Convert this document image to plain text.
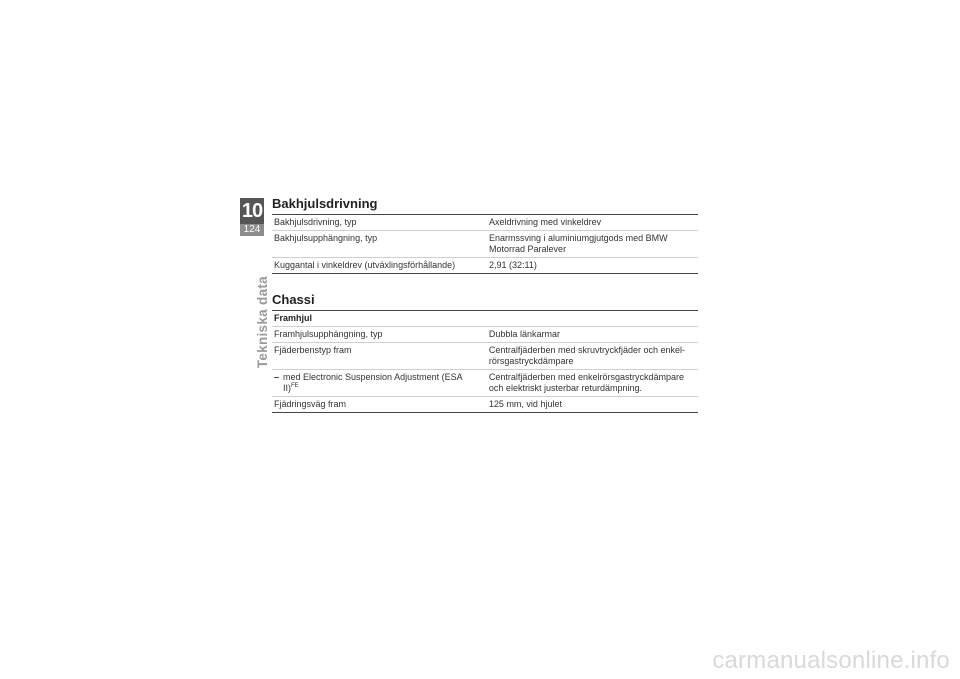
10
124
Tekniska data
Bakhjulsdrivning
Bakhjulsdrivning, typ	Axeldrivning med vinkeldrev
Bakhjulsupphängning, typ	Enarmssving i aluminiumgjutgods med BMW
Motorrad Paralever
Kuggantal i vinkeldrev (utväxlingsförhållande)	2,91 (32:11)
Chassi
Framhjul	
Framhjulsupphängning, typ	Dubbla länkarmar
Fjäderbenstyp fram	Centralfjäderben med skruvtryckfjäder och enkel-
rörsgastryckdämpare

– med Electronic Suspension Adjustment (ESA
II)$^{FE}$	Centralfjäderben med enkelrörsgastryckdämpare
och elektriskt justerbar returdämpning.
Fjädringsväg fram	125 mm, vid hjulet
carmanualsonline.info
